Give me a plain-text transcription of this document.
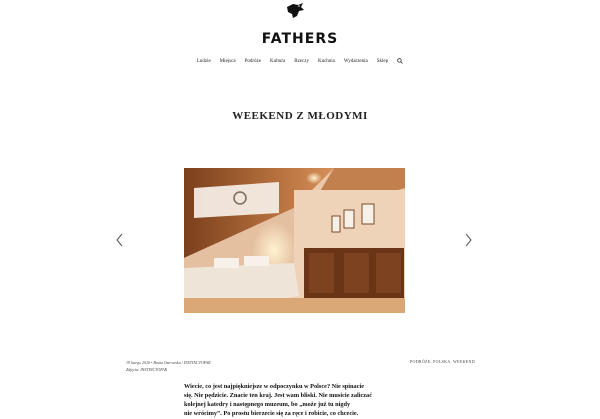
FATHERS
Ludzie Miejsca Podróże Kultura Rzeczy Kuchnia Wydarzenia Sklep
WEEKEND Z MŁODYMI
19 lutego 2016 • Beata Ostrowska / INSTINCTOFAR
Zdjęcia: INSTINCTOFAR
PODRÓŻE, POLSKA, WEEKEND

Wiecie, co jest najpiękniejsze w odpoczynku w Polsce? Nie spinacie

się. Nie pędzicie. Znacie ten kraj. Jest wam bliski. Nie musicie zaliczać

kolejnej katedry i następnego muzeum, bo „może już tu nigdy

nie wrócimy”. Po prostu bierzecie się za ręce i robicie, co chcecie.
